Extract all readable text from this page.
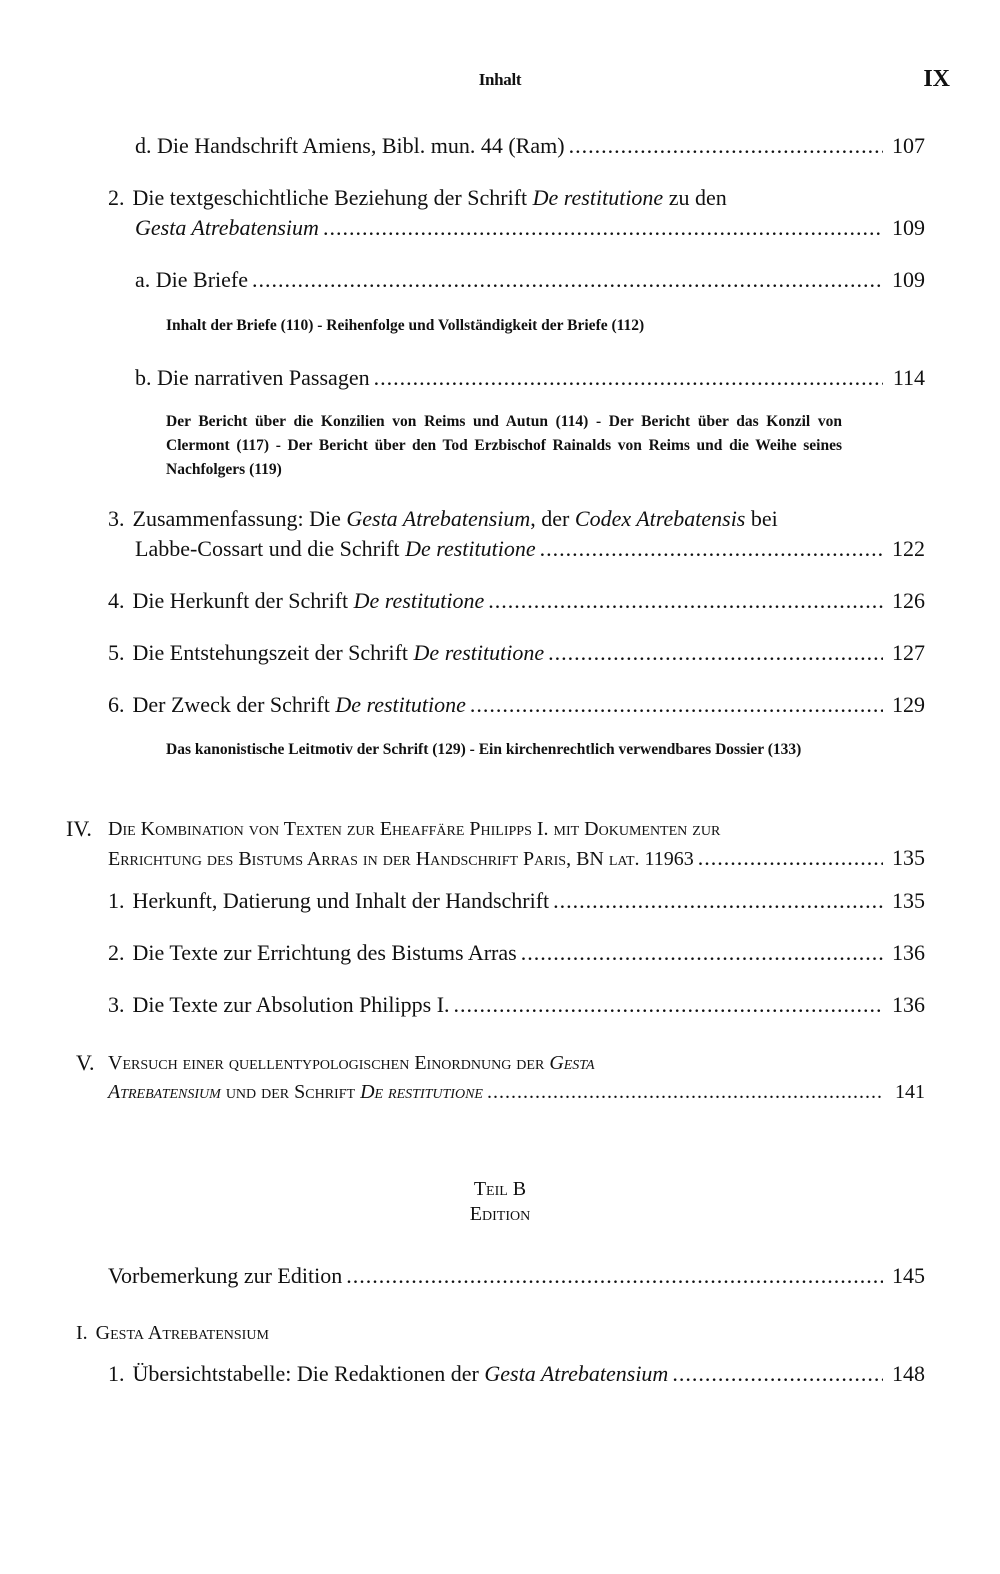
Inhalt	IX
d. Die Handschrift Amiens, Bibl. mun. 44 (Ram) .....	107
2. Die textgeschichtliche Beziehung der Schrift De restitutione zu den
Gesta Atrebatensium .....	109
a. Die Briefe .....	109
Inhalt der Briefe (110) - Reihenfolge und Vollständigkeit der Briefe (112)
b. Die narrativen Passagen .....	114
Der Bericht über die Konzilien von Reims und Autun (114) - Der Bericht über das Konzil von Clermont (117) - Der Bericht über den Tod Erzbischof Rainalds von Reims und die Weihe seines Nachfolgers (119)
3. Zusammenfassung: Die Gesta Atrebatensium, der Codex Atrebatensis bei
Labbe-Cossart und die Schrift De restitutione .....	122
4. Die Herkunft der Schrift De restitutione .....	126
5. Die Entstehungszeit der Schrift De restitutione .....	127
6. Der Zweck der Schrift De restitutione .....	129
Das kanonistische Leitmotiv der Schrift (129) - Ein kirchenrechtlich verwendbares Dossier (133)
IV. Die Kombination von Texten zur Eheaffäre Philipps I. mit Dokumenten zur
Errichtung des Bistums Arras in der Handschrift Paris, BN lat. 11963 .....	135
1. Herkunft, Datierung und Inhalt der Handschrift .....	135
2. Die Texte zur Errichtung des Bistums Arras .....	136
3. Die Texte zur Absolution Philipps I. .....	136
V. Versuch einer quellentypologischen Einordnung der Gesta
Atrebatensium und der Schrift De restitutione .....	141
Teil B
Edition
Vorbemerkung zur Edition .....	145
I. Gesta Atrebatensium
1. Übersichtstabelle: Die Redaktionen der Gesta Atrebatensium .....	148
